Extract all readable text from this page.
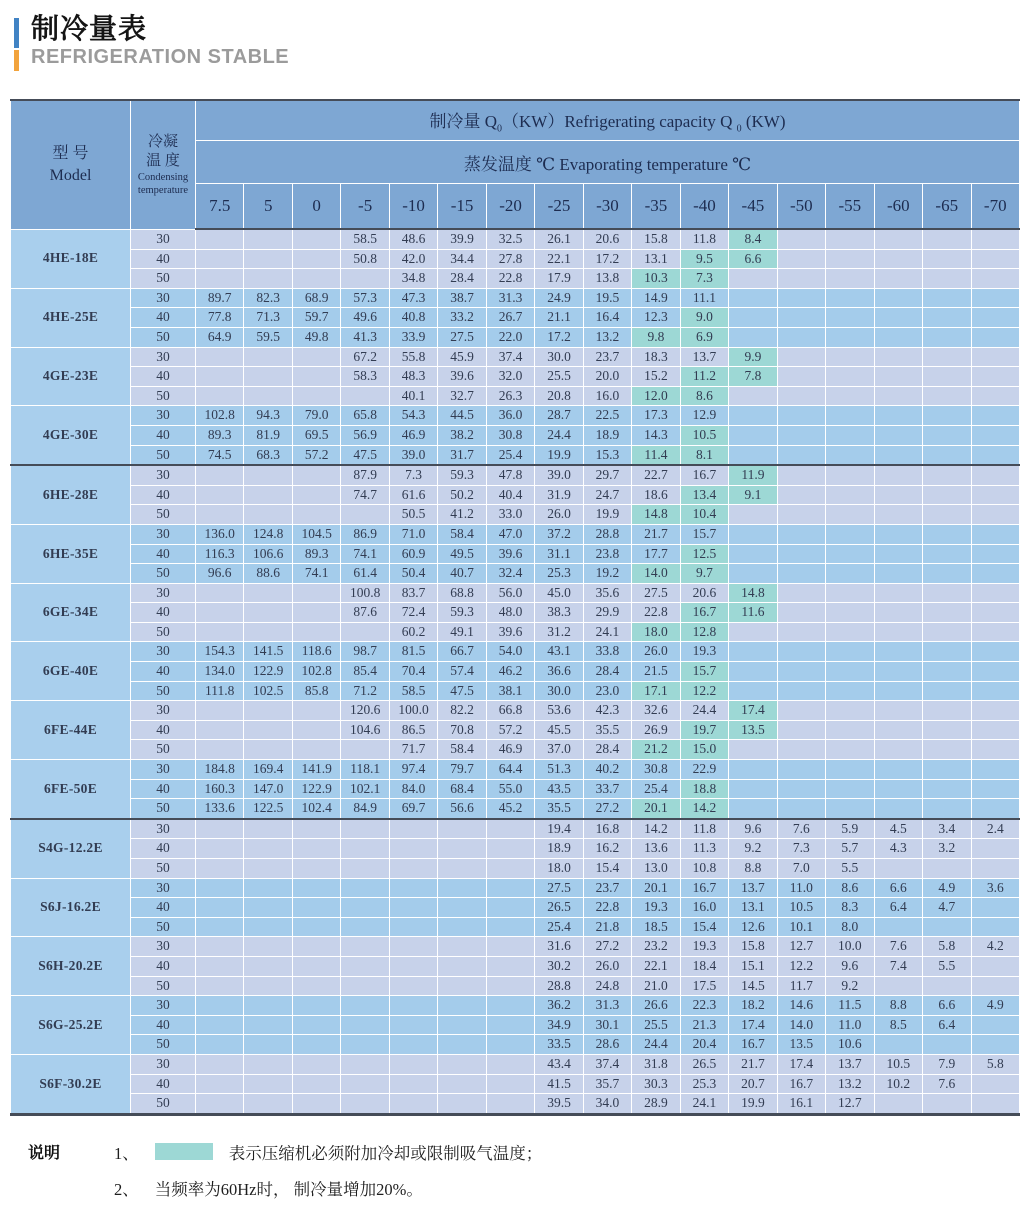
制冷量表
REFRIGERATION STABLE
型 号
Model	冷凝
温 度
Condensing
temperature	制冷量 $Q_0(KW)Refrigerating$ capacity Q $_0$ (KW)																
		蒸发温度 ℃ Evaporating temperature ℃																
		7.5	5	0	-5	-10	-15	-20	-25	-30	-35	-40	-45	-50	-55	-60	-65	-70
4HE-18E	30				58.5	48.6	39.9	32.5	26.1	20.6	15.8	11.8	8.4					
	40				50.8	42.0	34.4	27.8	22.1	17.2	13.1	9.5	6.6					
	50					34.8	28.4	22.8	17.9	13.8	10.3	7.3						
4HE-25E	30	89.7	82.3	68.9	57.3	47.3	38.7	31.3	24.9	19.5	14.9	11.1						
	40	77.8	71.3	59.7	49.6	40.8	33.2	26.7	21.1	16.4	12.3	9.0						
	50	64.9	59.5	49.8	41.3	33.9	27.5	22.0	17.2	13.2	9.8	6.9						
4GE-23E	30				67.2	55.8	45.9	37.4	30.0	23.7	18.3	13.7	9.9					
	40				58.3	48.3	39.6	32.0	25.5	20.0	15.2	11.2	7.8					
	50					40.1	32.7	26.3	20.8	16.0	12.0	8.6						
4GE-30E	30	102.8	94.3	79.0	65.8	54.3	44.5	36.0	28.7	22.5	17.3	12.9						
	40	89.3	81.9	69.5	56.9	46.9	38.2	30.8	24.4	18.9	14.3	10.5						
	50	74.5	68.3	57.2	47.5	39.0	31.7	25.4	19.9	15.3	11.4	8.1						
6HE-28E	30				87.9	7.3	59.3	47.8	39.0	29.7	22.7	16.7	11.9					
	40				74.7	61.6	50.2	40.4	31.9	24.7	18.6	13.4	9.1					
	50					50.5	41.2	33.0	26.0	19.9	14.8	10.4						
6HE-35E	30	136.0	124.8	104.5	86.9	71.0	58.4	47.0	37.2	28.8	21.7	15.7						
	40	116.3	106.6	89.3	74.1	60.9	49.5	39.6	31.1	23.8	17.7	12.5						
	50	96.6	88.6	74.1	61.4	50.4	40.7	32.4	25.3	19.2	14.0	9.7						
6GE-34E	30				100.8	83.7	68.8	56.0	45.0	35.6	27.5	20.6	14.8					
	40				87.6	72.4	59.3	48.0	38.3	29.9	22.8	16.7	11.6					
	50					60.2	49.1	39.6	31.2	24.1	18.0	12.8						
6GE-40E	30	154.3	141.5	118.6	98.7	81.5	66.7	54.0	43.1	33.8	26.0	19.3						
	40	134.0	122.9	102.8	85.4	70.4	57.4	46.2	36.6	28.4	21.5	15.7						
	50	111.8	102.5	85.8	71.2	58.5	47.5	38.1	30.0	23.0	17.1	12.2						
6FE-44E	30				120.6	100.0	82.2	66.8	53.6	42.3	32.6	24.4	17.4					
	40				104.6	86.5	70.8	57.2	45.5	35.5	26.9	19.7	13.5					
	50					71.7	58.4	46.9	37.0	28.4	21.2	15.0						
6FE-50E	30	184.8	169.4	141.9	118.1	97.4	79.7	64.4	51.3	40.2	30.8	22.9						
	40	160.3	147.0	122.9	102.1	84.0	68.4	55.0	43.5	33.7	25.4	18.8						
	50	133.6	122.5	102.4	84.9	69.7	56.6	45.2	35.5	27.2	20.1	14.2						
S4G-12.2E	30								19.4	16.8	14.2	11.8	9.6	7.6	5.9	4.5	3.4	2.4
	40								18.9	16.2	13.6	11.3	9.2	7.3	5.7	4.3	3.2	
	50								18.0	15.4	13.0	10.8	8.8	7.0	5.5			
S6J-16.2E	30								27.5	23.7	20.1	16.7	13.7	11.0	8.6	6.6	4.9	3.6
	40								26.5	22.8	19.3	16.0	13.1	10.5	8.3	6.4	4.7	
	50								25.4	21.8	18.5	15.4	12.6	10.1	8.0			
S6H-20.2E	30								31.6	27.2	23.2	19.3	15.8	12.7	10.0	7.6	5.8	4.2
	40								30.2	26.0	22.1	18.4	15.1	12.2	9.6	7.4	5.5	
	50								28.8	24.8	21.0	17.5	14.5	11.7	9.2			
S6G-25.2E	30								36.2	31.3	26.6	22.3	18.2	14.6	11.5	8.8	6.6	4.9
	40								34.9	30.1	25.5	21.3	17.4	14.0	11.0	8.5	6.4	
	50								33.5	28.6	24.4	20.4	16.7	13.5	10.6			
S6F-30.2E	30								43.4	37.4	31.8	26.5	21.7	17.4	13.7	10.5	7.9	5.8
	40								41.5	35.7	30.3	25.3	20.7	16.7	13.2	10.2	7.6	
	50								39.5	34.0	28.9	24.1	19.9	16.1	12.7			
说明	1、	表示压缩机必须附加冷却或限制吸气温度；
2、 当频率为60Hz时， 制冷量增加20%。
